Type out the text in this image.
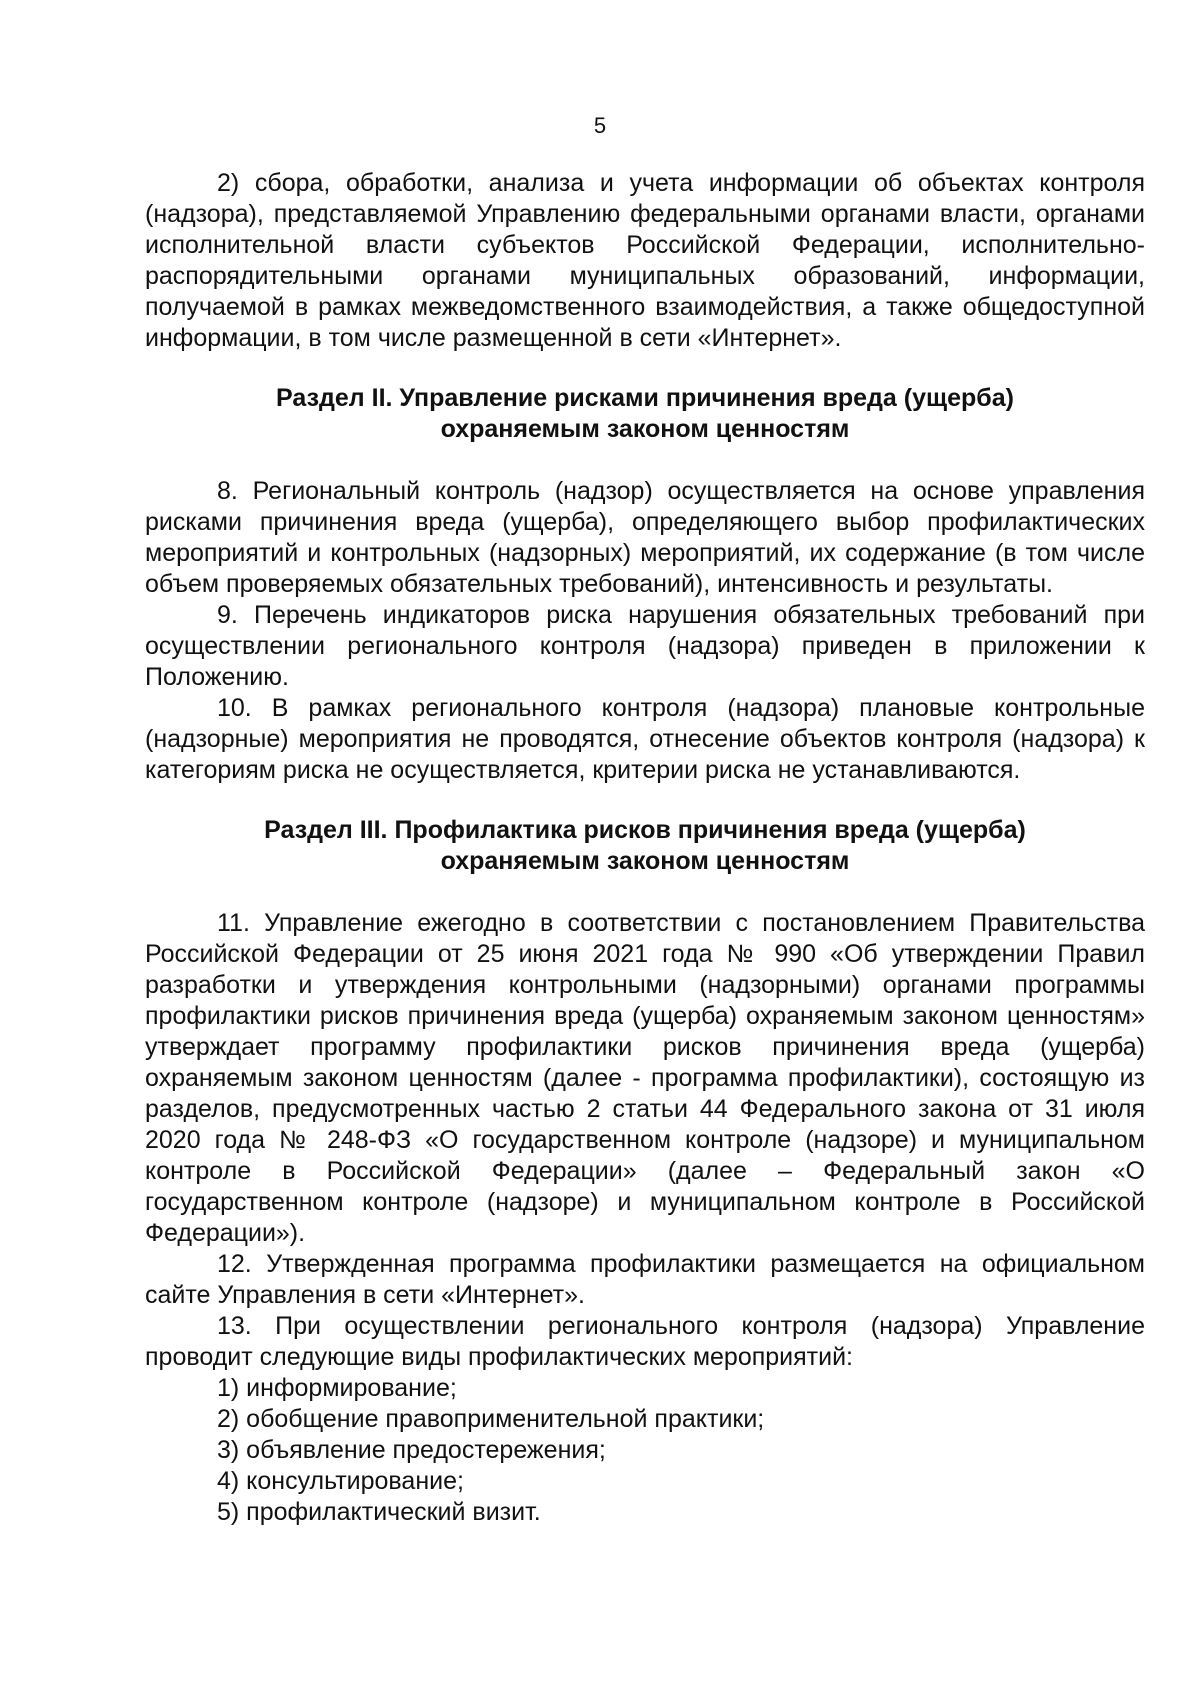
5

2) сбора, обработки, анализа и учета информации об объектах контроля (надзора), представляемой Управлению федеральными органами власти, органами исполнительной власти субъектов Российской Федерации, исполнительно-распорядительными органами муниципальных образований, информации, получаемой в рамках межведомственного взаимодействия, а также общедоступной информации, в том числе размещенной в сети «Интернет».

Раздел II. Управление рисками причинения вреда (ущерба)
охраняемым законом ценностям

8. Региональный контроль (надзор) осуществляется на основе управления рисками причинения вреда (ущерба), определяющего выбор профилактических мероприятий и контрольных (надзорных) мероприятий, их содержание (в том числе объем проверяемых обязательных требований), интенсивность и результаты.

9. Перечень индикаторов риска нарушения обязательных требований при осуществлении регионального контроля (надзора) приведен в приложении к Положению.

10. В рамках регионального контроля (надзора) плановые контрольные (надзорные) мероприятия не проводятся, отнесение объектов контроля (надзора) к категориям риска не осуществляется, критерии риска не устанавливаются.

Раздел III. Профилактика рисков причинения вреда (ущерба)
охраняемым законом ценностям

11. Управление ежегодно в соответствии с постановлением Правительства Российской Федерации от 25 июня 2021 года № 990 «Об утверждении Правил разработки и утверждения контрольными (надзорными) органами программы профилактики рисков причинения вреда (ущерба) охраняемым законом ценностям» утверждает программу профилактики рисков причинения вреда (ущерба) охраняемым законом ценностям (далее - программа профилактики), состоящую из разделов, предусмотренных частью 2 статьи 44 Федерального закона от 31 июля 2020 года № 248-ФЗ «О государственном контроле (надзоре) и муниципальном контроле в Российской Федерации» (далее – Федеральный закон «О государственном контроле (надзоре) и муниципальном контроле в Российской Федерации»).

12. Утвержденная программа профилактики размещается на официальном сайте Управления в сети «Интернет».

13. При осуществлении регионального контроля (надзора) Управление проводит следующие виды профилактических мероприятий:

1) информирование;

2) обобщение правоприменительной практики;

3) объявление предостережения;

4) консультирование;

5) профилактический визит.
